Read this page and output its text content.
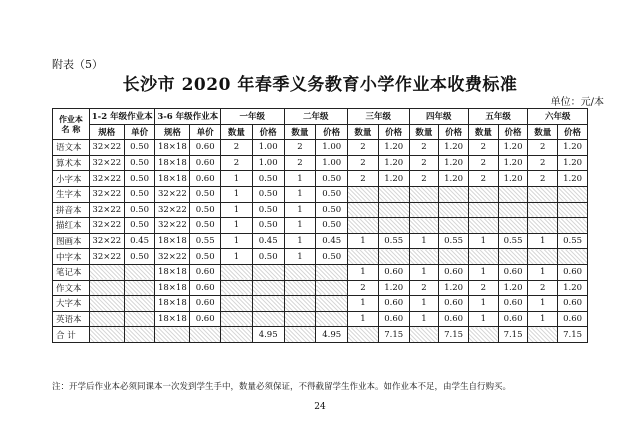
附表（5）
长沙市 2020 年春季义务教育小学作业本收费标准
单位：元/本
作业本
名 称	1-2 年级作业本		3-6 年级作业本		一年级		二年级		三年级		四年级		五年级		六年级	
	规格	单价	规格	单价	数量	价格	数量	价格	数量	价格	数量	价格	数量	价格	数量	价格
语文本	32×22	0.50	18×18	0.60	2	1.00	2	1.00	2	1.20	2	1.20	2	1.20	2	1.20
算术本	32×22	0.50	18×18	0.60	2	1.00	2	1.00	2	1.20	2	1.20	2	1.20	2	1.20
小字本	32×22	0.50	18×18	0.60	1	0.50	1	0.50	2	1.20	2	1.20	2	1.20	2	1.20
生字本	32×22	0.50	32×22	0.50	1	0.50	1	0.50								
拼音本	32×22	0.50	32×22	0.50	1	0.50	1	0.50								
描红本	32×22	0.50	32×22	0.50	1	0.50	1	0.50								
图画本	32×22	0.45	18×18	0.55	1	0.45	1	0.45	1	0.55	1	0.55	1	0.55	1	0.55
中字本	32×22	0.50	32×22	0.50	1	0.50	1	0.50								
笔记本			18×18	0.60					1	0.60	1	0.60	1	0.60	1	0.60
作文本			18×18	0.60					2	1.20	2	1.20	2	1.20	2	1.20
大字本			18×18	0.60					1	0.60	1	0.60	1	0.60	1	0.60
英语本			18×18	0.60					1	0.60	1	0.60	1	0.60	1	0.60
合 计						4.95		4.95		7.15		7.15		7.15		7.15
注：开学后作业本必须同课本一次发到学生手中，数量必须保证，不得截留学生作业本。如作业本不足，由学生自行购买。
24
